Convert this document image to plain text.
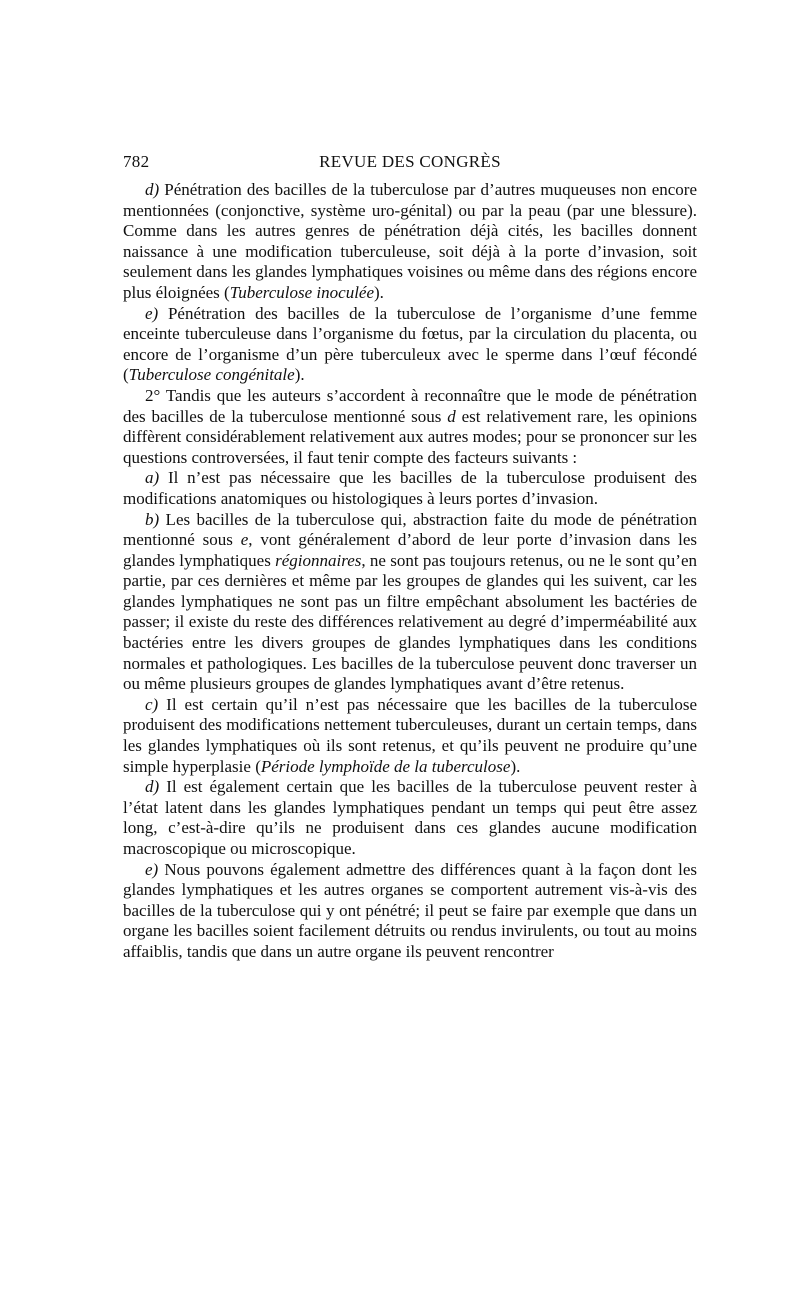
782	REVUE DES CONGRÈS

d) Pénétration des bacilles de la tuberculose par d’autres muqueuses non encore mentionnées (conjonctive, système uro-génital) ou par la peau (par une blessure). Comme dans les autres genres de pénétration déjà cités, les bacilles donnent naissance à une modification tuberculeuse, soit déjà à la porte d’invasion, soit seulement dans les glandes lymphatiques voisines ou même dans des régions encore plus éloignées (Tuberculose inoculée).

e) Pénétration des bacilles de la tuberculose de l’organisme d’une femme enceinte tuberculeuse dans l’organisme du fœtus, par la circulation du placenta, ou encore de l’organisme d’un père tuberculeux avec le sperme dans l’œuf fécondé (Tuberculose congénitale).

2° Tandis que les auteurs s’accordent à reconnaître que le mode de pénétration des bacilles de la tuberculose mentionné sous d est relativement rare, les opinions diffèrent considérablement relativement aux autres modes; pour se prononcer sur les questions controversées, il faut tenir compte des facteurs suivants :

a) Il n’est pas nécessaire que les bacilles de la tuberculose produisent des modifications anatomiques ou histologiques à leurs portes d’invasion.

b) Les bacilles de la tuberculose qui, abstraction faite du mode de pénétration mentionné sous e, vont généralement d’abord de leur porte d’invasion dans les glandes lymphatiques régionnaires, ne sont pas toujours retenus, ou ne le sont qu’en partie, par ces dernières et même par les groupes de glandes qui les suivent, car les glandes lymphatiques ne sont pas un filtre empêchant absolument les bactéries de passer; il existe du reste des différences relativement au degré d’imperméabilité aux bactéries entre les divers groupes de glandes lymphatiques dans les conditions normales et pathologiques. Les bacilles de la tuberculose peuvent donc traverser un ou même plusieurs groupes de glandes lymphatiques avant d’être retenus.

c) Il est certain qu’il n’est pas nécessaire que les bacilles de la tuberculose produisent des modifications nettement tuberculeuses, durant un certain temps, dans les glandes lymphatiques où ils sont retenus, et qu’ils peuvent ne produire qu’une simple hyperplasie (Période lymphoïde de la tuberculose).

d) Il est également certain que les bacilles de la tuberculose peuvent rester à l’état latent dans les glandes lymphatiques pendant un temps qui peut être assez long, c’est-à-dire qu’ils ne produisent dans ces glandes aucune modification macroscopique ou microscopique.

e) Nous pouvons également admettre des différences quant à la façon dont les glandes lymphatiques et les autres organes se comportent autrement vis-à-vis des bacilles de la tuberculose qui y ont pénétré; il peut se faire par exemple que dans un organe les bacilles soient facilement détruits ou rendus invirulents, ou tout au moins affaiblis, tandis que dans un autre organe ils peuvent rencontrer
